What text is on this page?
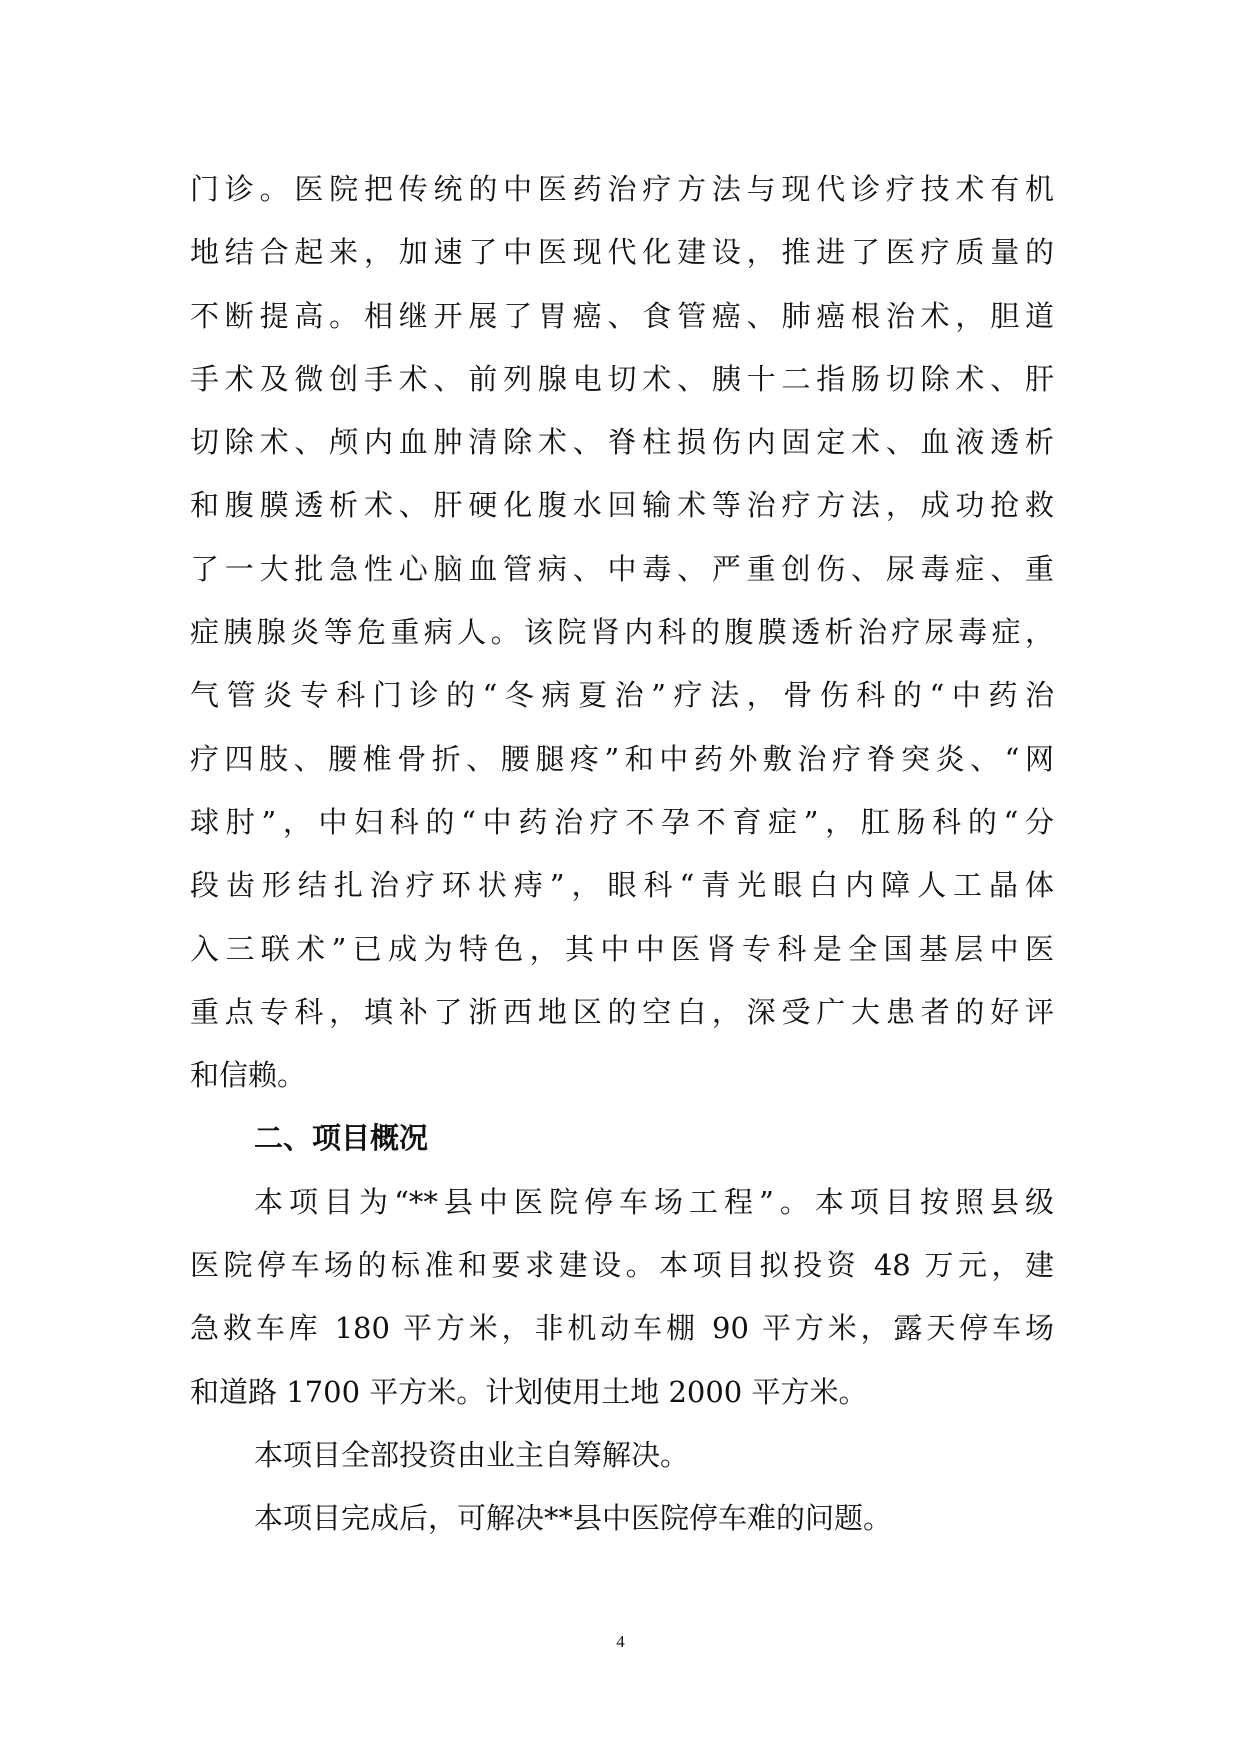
门诊。医院把传统的中医药治疗方法与现代诊疗技术有机
地结合起来，加速了中医现代化建设，推进了医疗质量的
不断提高。相继开展了胃癌、食管癌、肺癌根治术，胆道
手术及微创手术、前列腺电切术、胰十二指肠切除术、肝
切除术、颅内血肿清除术、脊柱损伤内固定术、血液透析
和腹膜透析术、肝硬化腹水回输术等治疗方法，成功抢救
了一大批急性心脑血管病、中毒、严重创伤、尿毒症、重
症胰腺炎等危重病人。该院肾内科的腹膜透析治疗尿毒症，
气管炎专科门诊的“冬病夏治”疗法，骨伤科的“中药治
疗四肢、腰椎骨折、腰腿疼”和中药外敷治疗脊突炎、“网
球肘”，中妇科的“中药治疗不孕不育症”，肛肠科的“分
段齿形结扎治疗环状痔”，眼科“青光眼白内障人工晶体
入三联术”已成为特色，其中中医肾专科是全国基层中医
重点专科，填补了浙西地区的空白，深受广大患者的好评
和信赖。
二、项目概况
本项目为“**县中医院停车场工程”。本项目按照县级
医院停车场的标准和要求建设。本项目拟投资 48 万元，建
急救车库 180 平方米，非机动车棚 90 平方米，露天停车场
和道路 1700 平方米。计划使用土地 2000 平方米。
本项目全部投资由业主自筹解决。
本项目完成后，可解决**县中医院停车难的问题。
4
